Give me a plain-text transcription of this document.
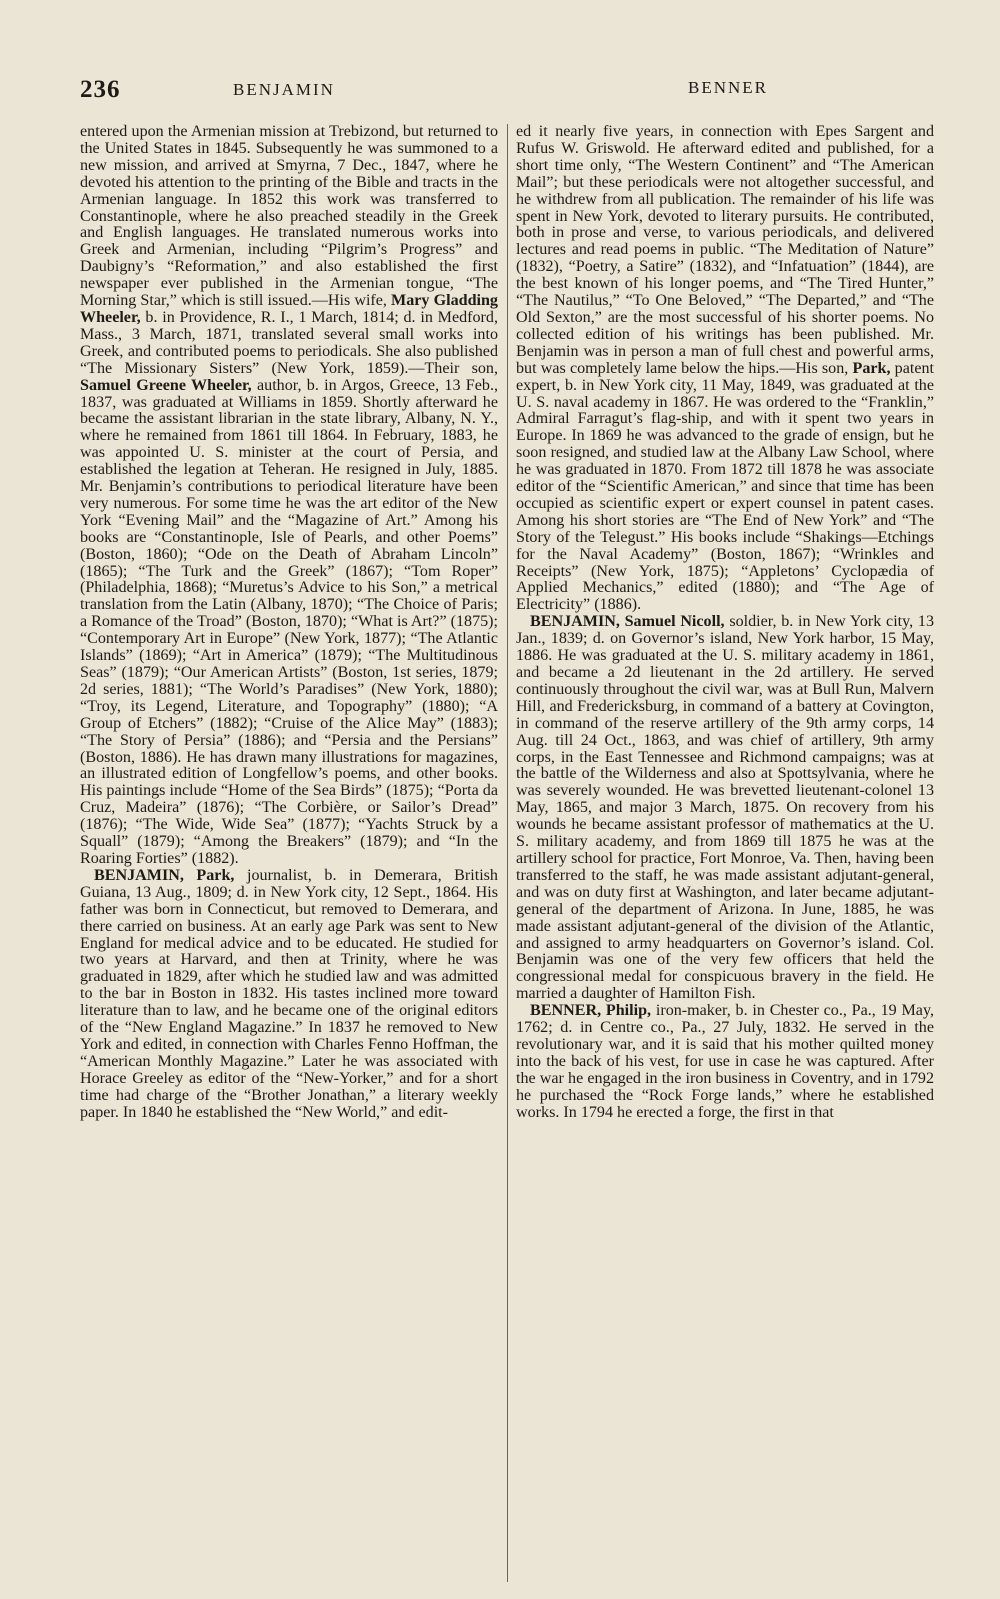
236	BENJAMIN	BENNER

entered upon the Armenian mission at Trebizond, but returned to the United States in 1845. Subsequently he was summoned to a new mission, and arrived at Smyrna, 7 Dec., 1847, where he devoted his attention to the printing of the Bible and tracts in the Armenian language. In 1852 this work was transferred to Constantinople, where he also preached steadily in the Greek and English languages. He translated numerous works into Greek and Armenian, including “Pilgrim’s Progress” and Daubigny’s “Reformation,” and also established the first newspaper ever published in the Armenian tongue, “The Morning Star,” which is still issued.—His wife, Mary Gladding Wheeler, b. in Providence, R. I., 1 March, 1814; d. in Medford, Mass., 3 March, 1871, translated several small works into Greek, and contributed poems to periodicals. She also published “The Missionary Sisters” (New York, 1859).—Their son, Samuel Greene Wheeler, author, b. in Argos, Greece, 13 Feb., 1837, was graduated at Williams in 1859. Shortly afterward he became the assistant librarian in the state library, Albany, N. Y., where he remained from 1861 till 1864. In February, 1883, he was appointed U. S. minister at the court of Persia, and established the legation at Teheran. He resigned in July, 1885. Mr. Benjamin’s contributions to periodical literature have been very numerous. For some time he was the art editor of the New York “Evening Mail” and the “Magazine of Art.” Among his books are “Constantinople, Isle of Pearls, and other Poems” (Boston, 1860); “Ode on the Death of Abraham Lincoln” (1865); “The Turk and the Greek” (1867); “Tom Roper” (Philadelphia, 1868); “Muretus’s Advice to his Son,” a metrical translation from the Latin (Albany, 1870); “The Choice of Paris; a Romance of the Troad” (Boston, 1870); “What is Art?” (1875); “Contemporary Art in Europe” (New York, 1877); “The Atlantic Islands” (1869); “Art in America” (1879); “The Multitudinous Seas” (1879); “Our American Artists” (Boston, 1st series, 1879; 2d series, 1881); “The World’s Paradises” (New York, 1880); “Troy, its Legend, Literature, and Topography” (1880); “A Group of Etchers” (1882); “Cruise of the Alice May” (1883); “The Story of Persia” (1886); and “Persia and the Persians” (Boston, 1886). He has drawn many illustrations for magazines, an illustrated edition of Longfellow’s poems, and other books. His paintings include “Home of the Sea Birds” (1875); “Porta da Cruz, Madeira” (1876); “The Corbière, or Sailor’s Dread” (1876); “The Wide, Wide Sea” (1877); “Yachts Struck by a Squall” (1879); “Among the Breakers” (1879); and “In the Roaring Forties” (1882).

BENJAMIN, Park, journalist, b. in Demerara, British Guiana, 13 Aug., 1809; d. in New York city, 12 Sept., 1864. His father was born in Connecticut, but removed to Demerara, and there carried on business. At an early age Park was sent to New England for medical advice and to be educated. He studied for two years at Harvard, and then at Trinity, where he was graduated in 1829, after which he studied law and was admitted to the bar in Boston in 1832. His tastes inclined more toward literature than to law, and he became one of the original editors of the “New England Magazine.” In 1837 he removed to New York and edited, in connection with Charles Fenno Hoffman, the “American Monthly Magazine.” Later he was associated with Horace Greeley as editor of the “New-Yorker,” and for a short time had charge of the “Brother Jonathan,” a literary weekly paper. In 1840 he established the “New World,” and edit-

ed it nearly five years, in connection with Epes Sargent and Rufus W. Griswold. He afterward edited and published, for a short time only, “The Western Continent” and “The American Mail”; but these periodicals were not altogether successful, and he withdrew from all publication. The remainder of his life was spent in New York, devoted to literary pursuits. He contributed, both in prose and verse, to various periodicals, and delivered lectures and read poems in public. “The Meditation of Nature” (1832), “Poetry, a Satire” (1832), and “Infatuation” (1844), are the best known of his longer poems, and “The Tired Hunter,” “The Nautilus,” “To One Beloved,” “The Departed,” and “The Old Sexton,” are the most successful of his shorter poems. No collected edition of his writings has been published. Mr. Benjamin was in person a man of full chest and powerful arms, but was completely lame below the hips.—His son, Park, patent expert, b. in New York city, 11 May, 1849, was graduated at the U. S. naval academy in 1867. He was ordered to the “Franklin,” Admiral Farragut’s flag-ship, and with it spent two years in Europe. In 1869 he was advanced to the grade of ensign, but he soon resigned, and studied law at the Albany Law School, where he was graduated in 1870. From 1872 till 1878 he was associate editor of the “Scientific American,” and since that time has been occupied as scientific expert or expert counsel in patent cases. Among his short stories are “The End of New York” and “The Story of the Telegust.” His books include “Shakings—Etchings for the Naval Academy” (Boston, 1867); “Wrinkles and Receipts” (New York, 1875); “Appletons’ Cyclopædia of Applied Mechanics,” edited (1880); and “The Age of Electricity” (1886).

BENJAMIN, Samuel Nicoll, soldier, b. in New York city, 13 Jan., 1839; d. on Governor’s island, New York harbor, 15 May, 1886. He was graduated at the U. S. military academy in 1861, and became a 2d lieutenant in the 2d artillery. He served continuously throughout the civil war, was at Bull Run, Malvern Hill, and Fredericksburg, in command of a battery at Covington, in command of the reserve artillery of the 9th army corps, 14 Aug. till 24 Oct., 1863, and was chief of artillery, 9th army corps, in the East Tennessee and Richmond campaigns; was at the battle of the Wilderness and also at Spottsylvania, where he was severely wounded. He was brevetted lieutenant-colonel 13 May, 1865, and major 3 March, 1875. On recovery from his wounds he became assistant professor of mathematics at the U. S. military academy, and from 1869 till 1875 he was at the artillery school for practice, Fort Monroe, Va. Then, having been transferred to the staff, he was made assistant adjutant-general, and was on duty first at Washington, and later became adjutant-general of the department of Arizona. In June, 1885, he was made assistant adjutant-general of the division of the Atlantic, and assigned to army headquarters on Governor’s island. Col. Benjamin was one of the very few officers that held the congressional medal for conspicuous bravery in the field. He married a daughter of Hamilton Fish.

BENNER, Philip, iron-maker, b. in Chester co., Pa., 19 May, 1762; d. in Centre co., Pa., 27 July, 1832. He served in the revolutionary war, and it is said that his mother quilted money into the back of his vest, for use in case he was captured. After the war he engaged in the iron business in Coventry, and in 1792 he purchased the “Rock Forge lands,” where he established works. In 1794 he erected a forge, the first in that
